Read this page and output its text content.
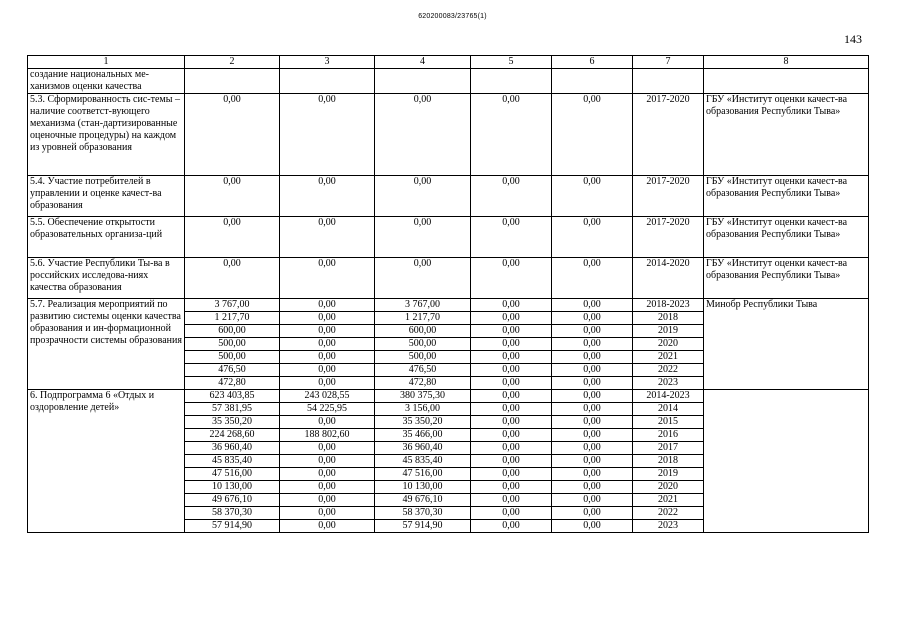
620200083/23765(1)
143
1	2	3	4	5	6	7	8
создание национальных ме-ханизмов оценки качества							
5.3. Сформированность сис-темы – наличие соответст-вующего механизма (стан-дартизированные оценочные процедуры) на каждом из уровней образования	0,00	0,00	0,00	0,00	0,00	2017-2020	ГБУ «Институт оценки качест-ва образования Республики Тыва»
5.4. Участие потребителей в управлении и оценке качест-ва образования	0,00	0,00	0,00	0,00	0,00	2017-2020	ГБУ «Институт оценки качест-ва образования Республики Тыва»
5.5. Обеспечение открытости образовательных организа-ций	0,00	0,00	0,00	0,00	0,00	2017-2020	ГБУ «Институт оценки качест-ва образования Республики Тыва»
5.6. Участие Республики Ты-ва в российских исследова-ниях качества образования	0,00	0,00	0,00	0,00	0,00	2014-2020	ГБУ «Институт оценки качест-ва образования Республики Тыва»
5.7. Реализация мероприятий по развитию системы оценки качества образования и ин-формационной прозрачности системы образования	3 767,00	0,00	3 767,00	0,00	0,00	2018-2023	Минобр Республики Тыва
	1 217,70	0,00	1 217,70	0,00	0,00	2018	
	600,00	0,00	600,00	0,00	0,00	2019	
	500,00	0,00	500,00	0,00	0,00	2020	
	500,00	0,00	500,00	0,00	0,00	2021	
	476,50	0,00	476,50	0,00	0,00	2022	
	472,80	0,00	472,80	0,00	0,00	2023	
6. Подпрограмма 6 «Отдых и оздоровление детей»	623 403,85	243 028,55	380 375,30	0,00	0,00	2014-2023	
	57 381,95	54 225,95	3 156,00	0,00	0,00	2014	
	35 350,20	0,00	35 350,20	0,00	0,00	2015	
	224 268,60	188 802,60	35 466,00	0,00	0,00	2016	
	36 960,40	0,00	36 960,40	0,00	0,00	2017	
	45 835,40	0,00	45 835,40	0,00	0,00	2018	
	47 516,00	0,00	47 516,00	0,00	0,00	2019	
	10 130,00	0,00	10 130,00	0,00	0,00	2020	
	49 676,10	0,00	49 676,10	0,00	0,00	2021	
	58 370,30	0,00	58 370,30	0,00	0,00	2022	
	57 914,90	0,00	57 914,90	0,00	0,00	2023	
